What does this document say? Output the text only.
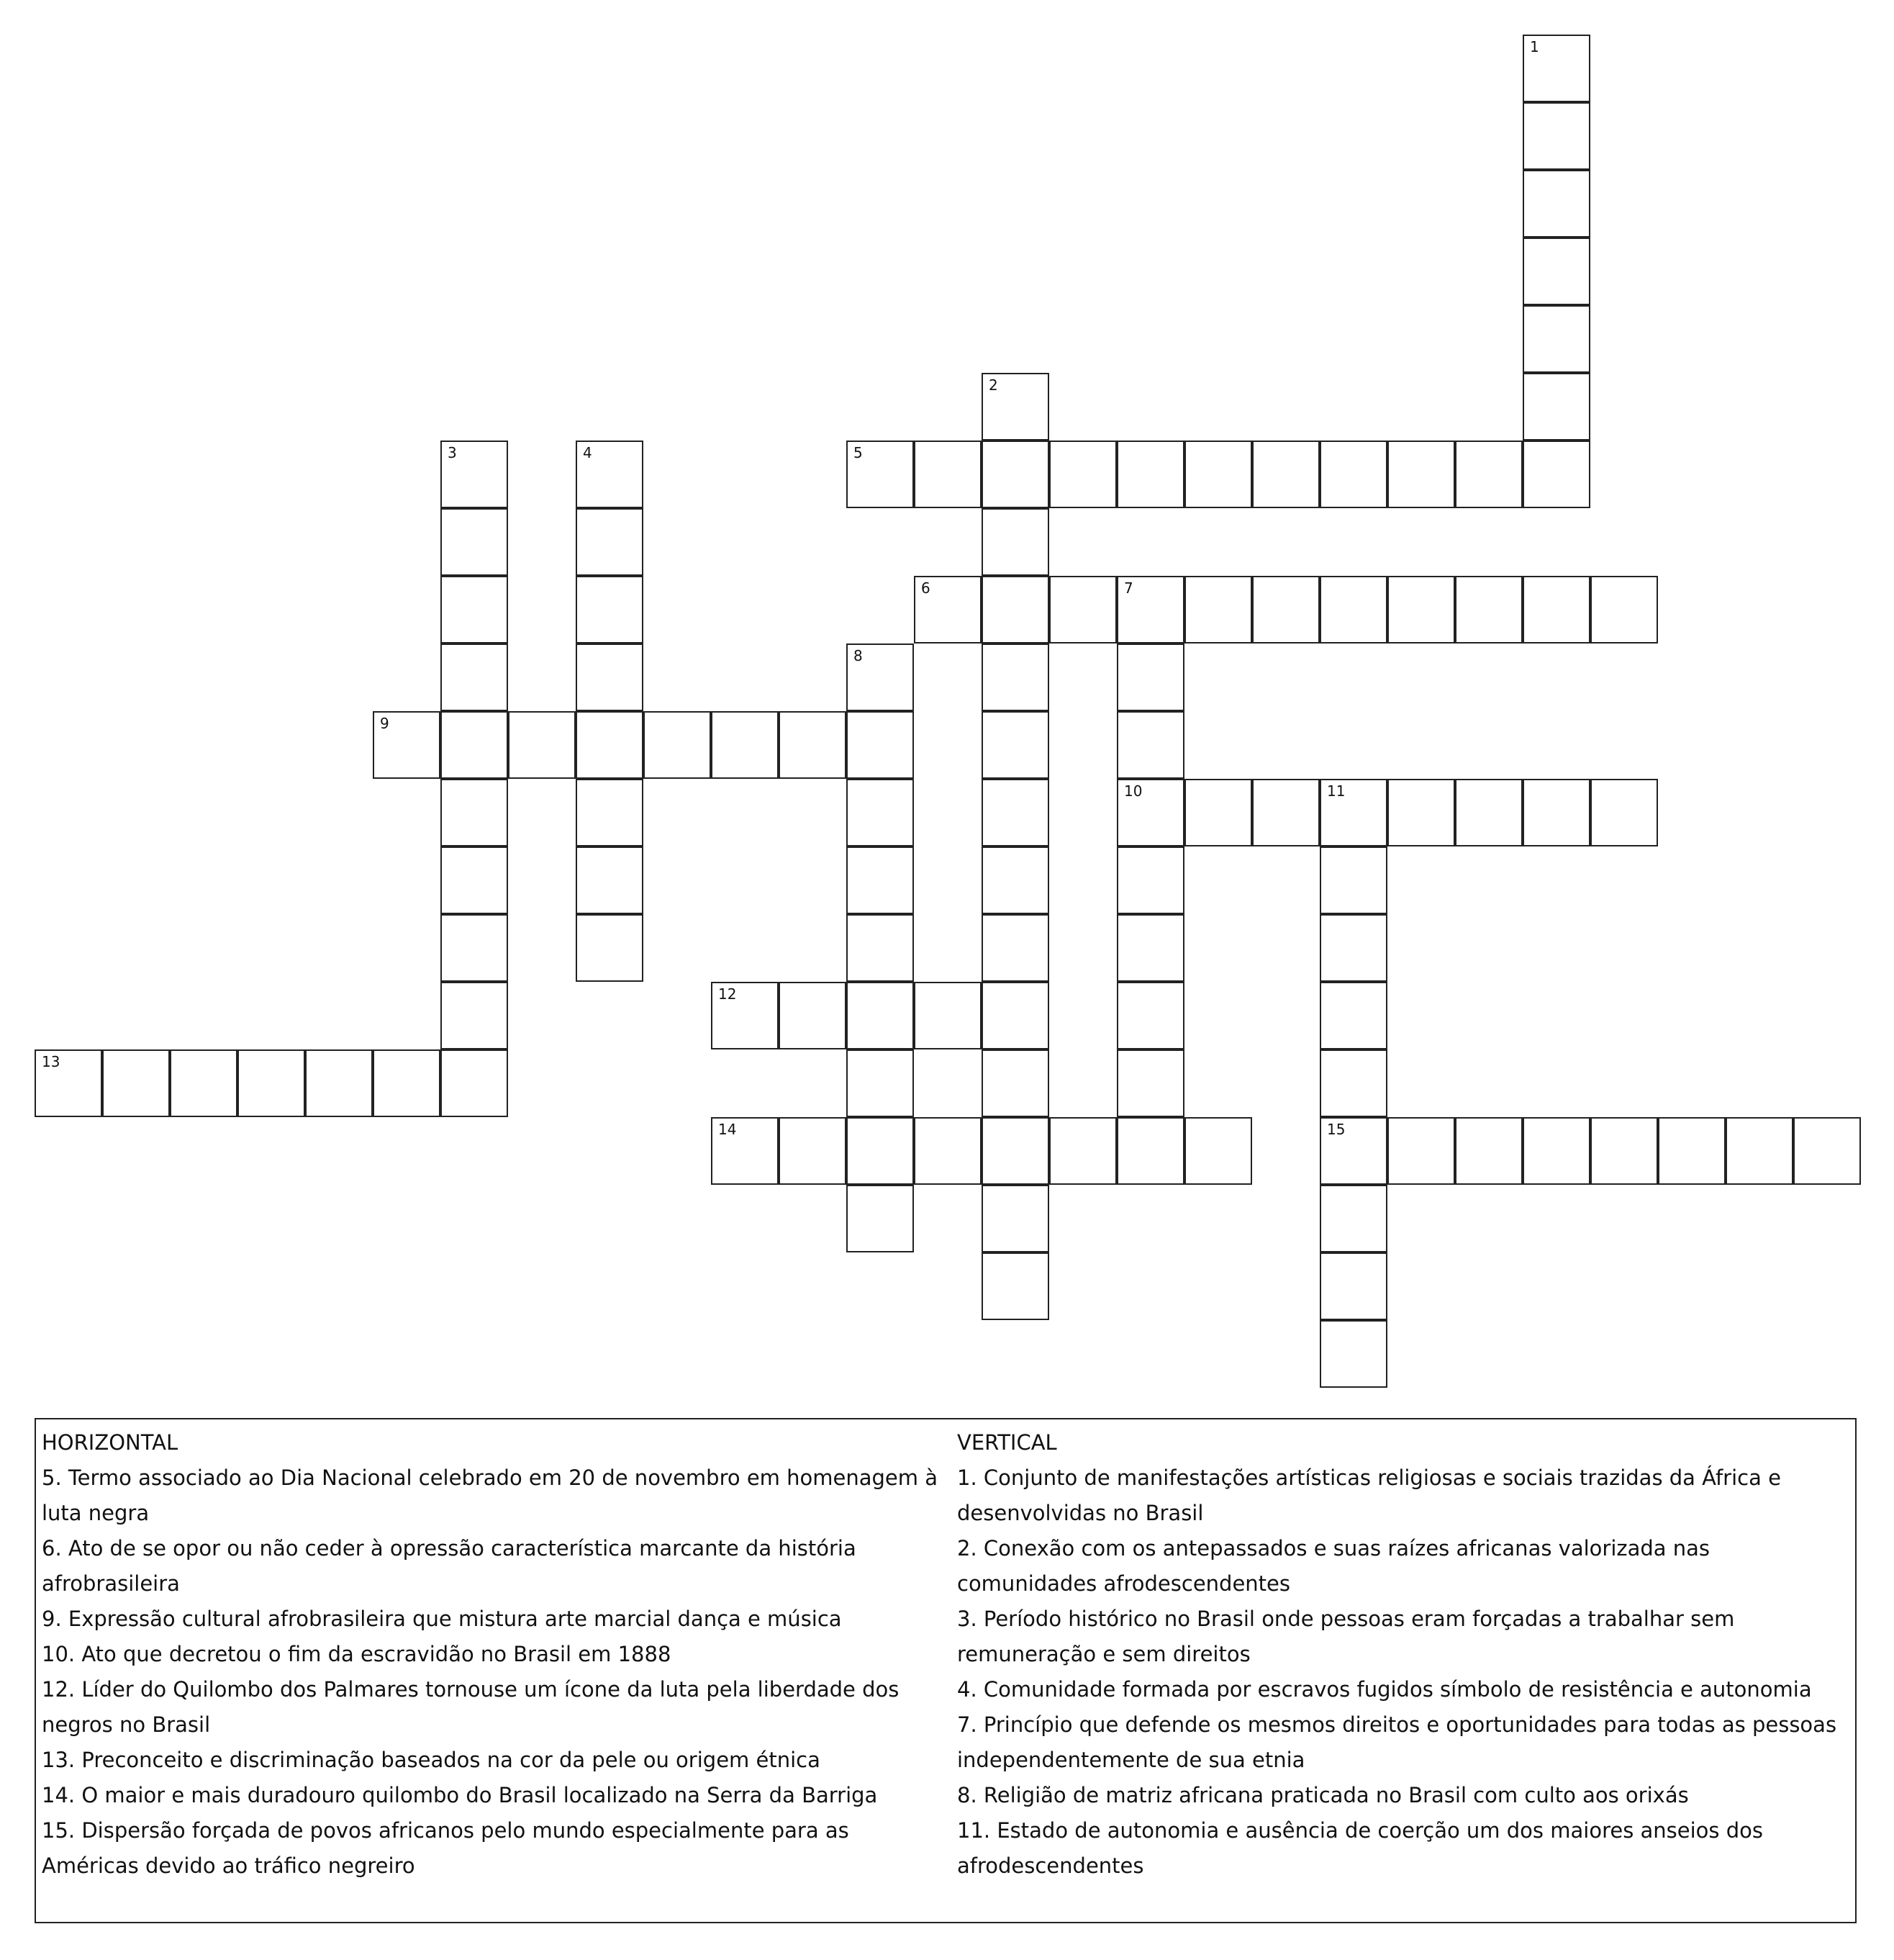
1
2
3	4	5
6	7
10
8
9
11
15
12
13
14

HORIZONTAL

5. Termo associado ao Dia Nacional celebrado em 20 de novembro em homenagem à luta negra

6. Ato de se opor ou não ceder à opressão característica marcante da história afrobrasileira

9. Expressão cultural afrobrasileira que mistura arte marcial dança e música

10. Ato que decretou o fim da escravidão no Brasil em 1888

12. Líder do Quilombo dos Palmares tornouse um ícone da luta pela liberdade dos negros no Brasil

13. Preconceito e discriminação baseados na cor da pele ou origem étnica

14. O maior e mais duradouro quilombo do Brasil localizado na Serra da Barriga

15. Dispersão forçada de povos africanos pelo mundo especialmente para as Américas devido ao tráfico negreiro

VERTICAL

1. Conjunto de manifestações artísticas religiosas e sociais trazidas da África e desenvolvidas no Brasil

2. Conexão com os antepassados e suas raízes africanas valorizada nas comunidades afrodescendentes

3. Período histórico no Brasil onde pessoas eram forçadas a trabalhar sem remuneração e sem direitos

4. Comunidade formada por escravos fugidos símbolo de resistência e autonomia

7. Princípio que defende os mesmos direitos e oportunidades para todas as pessoas independentemente de sua etnia

8. Religião de matriz africana praticada no Brasil com culto aos orixás

11. Estado de autonomia e ausência de coerção um dos maiores anseios dos afrodescendentes
